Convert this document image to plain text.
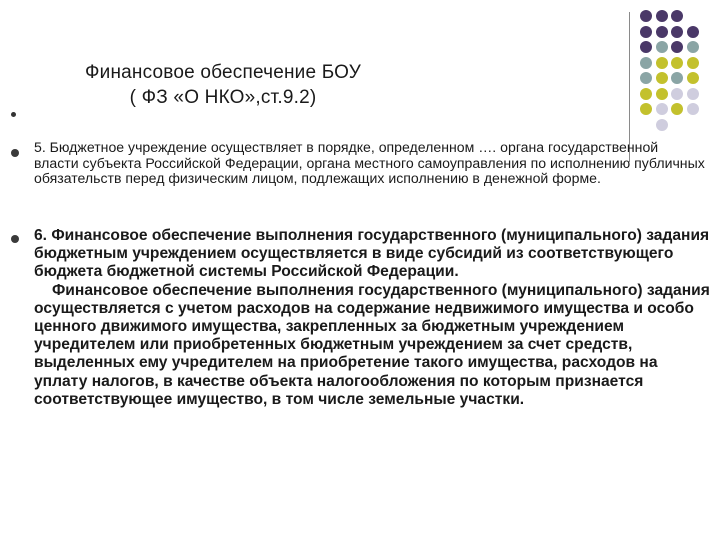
Финансовое обеспечение БОУ
( ФЗ «О НКО»,ст.9.2)
5. Бюджетное учреждение осуществляет в порядке, определенном …. органа государственной власти субъекта Российской Федерации, органа местного самоуправления по исполнению публичных обязательств перед физическим лицом, подлежащих исполнению в денежной форме.
6. Финансовое обеспечение выполнения государственного (муниципального) задания бюджетным учреждением осуществляется в виде субсидий из соответствующего бюджета бюджетной системы Российской Федерации.
Финансовое обеспечение выполнения государственного (муниципального) задания осуществляется с учетом расходов на содержание недвижимого имущества и особо ценного движимого имущества, закрепленных за бюджетным учреждением учредителем или приобретенных бюджетным учреждением за счет средств, выделенных ему учредителем на приобретение такого имущества, расходов на уплату налогов, в качестве объекта налогообложения по которым признается соответствующее имущество, в том числе земельные участки.
